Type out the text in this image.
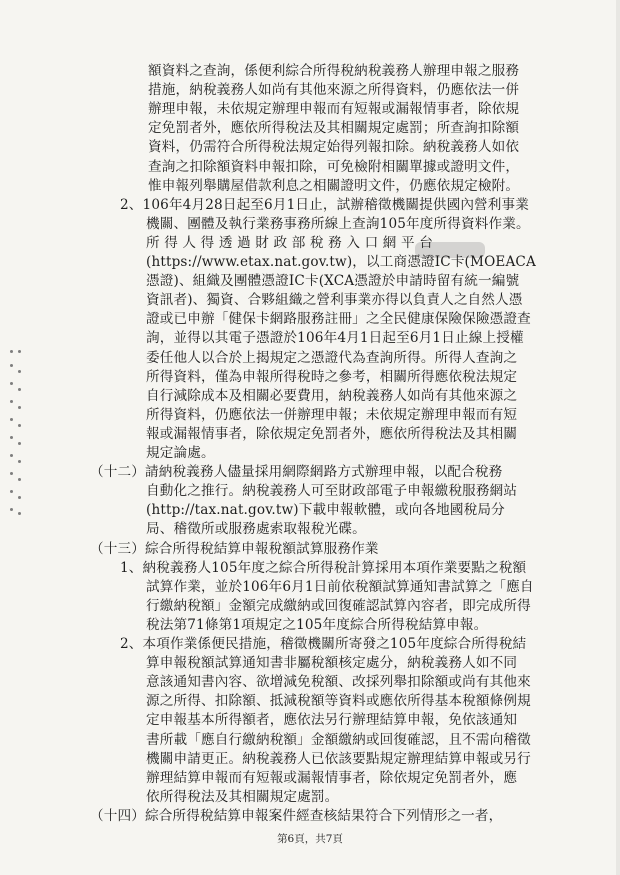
額資料之查詢，係便利綜合所得稅納稅義務人辦理申報之服務
措施，納稅義務人如尚有其他來源之所得資料，仍應依法一併
辦理申報，未依規定辦理申報而有短報或漏報情事者，除依規
定免罰者外，應依所得稅法及其相關規定處罰；所查詢扣除額
資料，仍需符合所得稅法規定始得列報扣除。納稅義務人如依
查詢之扣除額資料申報扣除，可免檢附相關單據或證明文件，
惟申報列舉購屋借款利息之相關證明文件，仍應依規定檢附。
2、106年4月28日起至6月1日止，試辦稽徵機關提供國內營利事業
機關、團體及執行業務事務所線上查詢105年度所得資料作業。
所 得 人 得 透 過 財 政 部 稅 務 入 口 網 平 台
(https://www.etax.nat.gov.tw)，以工商憑證IC卡(MOEACA
憑證)、組織及團體憑證IC卡(XCA憑證於申請時留有統一編號
資訊者)、獨資、合夥組織之營利事業亦得以負責人之自然人憑
證或已申辦「健保卡網路服務註冊」之全民健康保險保險憑證查
詢，並得以其電子憑證於106年4月1日起至6月1日止線上授權
委任他人以合於上揭規定之憑證代為查詢所得。所得人查詢之
所得資料，僅為申報所得稅時之參考，相關所得應依稅法規定
自行減除成本及相關必要費用，納稅義務人如尚有其他來源之
所得資料，仍應依法一併辦理申報；未依規定辦理申報而有短
報或漏報情事者，除依規定免罰者外，應依所得稅法及其相關
規定論處。
（十二）請納稅義務人儘量採用網際網路方式辦理申報，以配合稅務
自動化之推行。納稅義務人可至財政部電子申報繳稅服務網站
(http://tax.nat.gov.tw)下載申報軟體，或向各地國稅局分
局、稽徵所或服務處索取報稅光碟。
（十三）綜合所得稅結算申報稅額試算服務作業
1、納稅義務人105年度之綜合所得稅計算採用本項作業要點之稅額
試算作業，並於106年6月1日前依稅額試算通知書試算之「應自
行繳納稅額」金額完成繳納或回復確認試算內容者，即完成所得
稅法第71條第1項規定之105年度綜合所得稅結算申報。
2、本項作業係便民措施，稽徵機關所寄發之105年度綜合所得稅結
算申報稅額試算通知書非屬稅額核定處分，納稅義務人如不同
意該通知書內容、欲增減免稅額、改採列舉扣除額或尚有其他來
源之所得、扣除額、抵減稅額等資料或應依所得基本稅額條例規
定申報基本所得額者，應依法另行辦理結算申報，免依該通知
書所載「應自行繳納稅額」金額繳納或回復確認，且不需向稽徵
機關申請更正。納稅義務人已依該要點規定辦理結算申報或另行
辦理結算申報而有短報或漏報情事者，除依規定免罰者外，應
依所得稅法及其相關規定處罰。
（十四）綜合所得稅結算申報案件經查核結果符合下列情形之一者，
第6頁，共7頁
